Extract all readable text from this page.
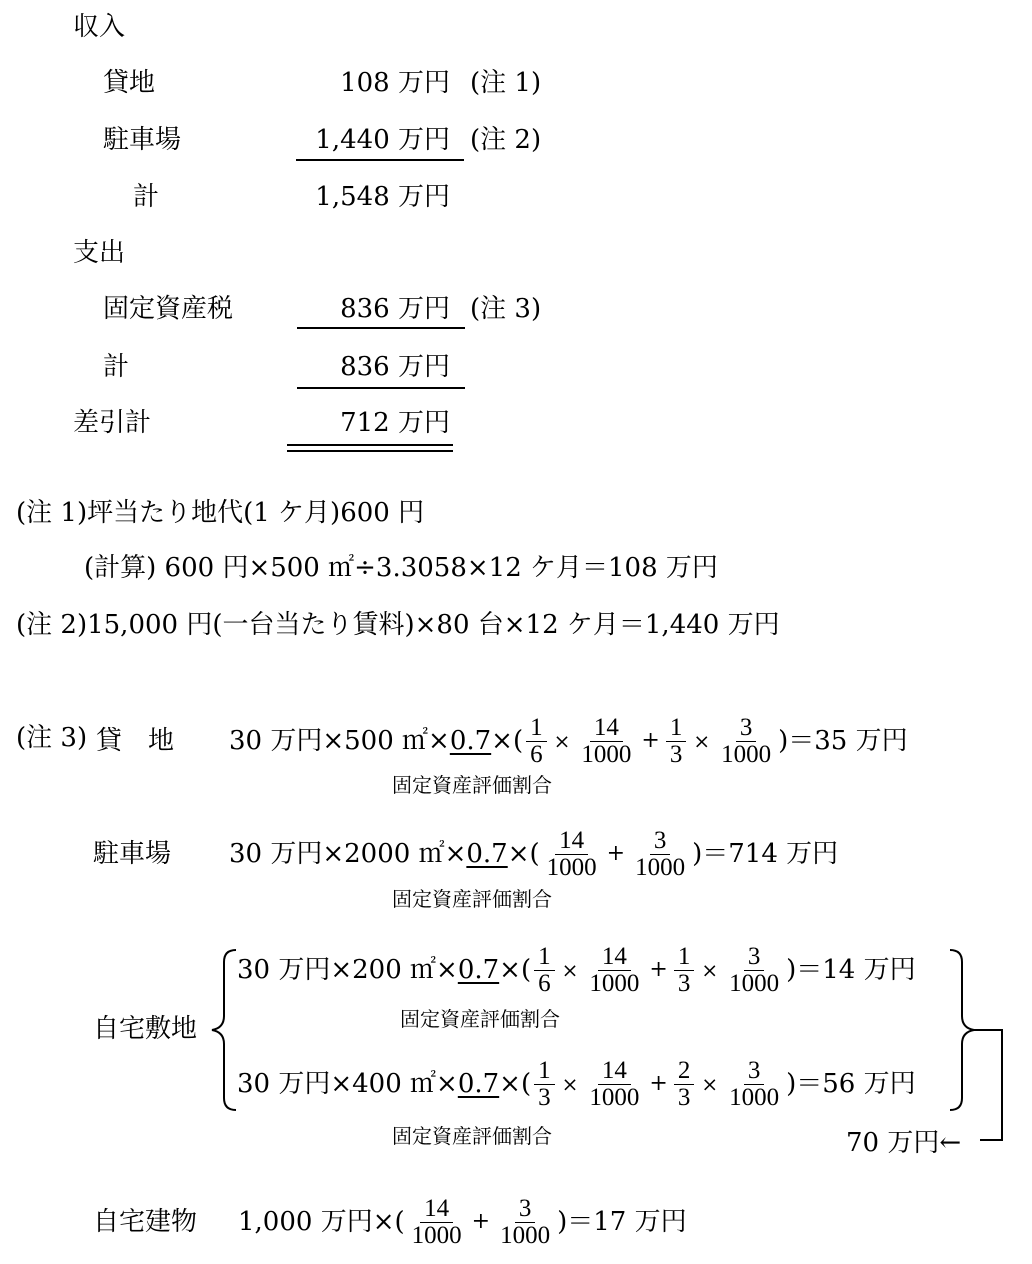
収入
貸地	108 万円 (注 1)
駐車場	1,440 万円 (注 2)
計	1,548 万円
支出
固定資産税	836 万円 (注 3)
計	836 万円
差引計	712 万円
(注 1)坪当たり地代(1 ケ月)600 円
(計算) 600 円×500 ㎡÷3.3058×12 ケ月＝108 万円
(注 2)15,000 円(一台当たり賃料)×80 台×12 ケ月＝1,440 万円
(注 3) 貸　地	30 万円×500 ㎡× 0.7 ×( $\frac{1}{6} \times \frac{14}{1000} + \frac{1}{3} \times \frac{3}{1000} )=35$ 万円
固定資産評価割合
駐車場	30 万円×2000 ㎡× 0.7 ×( $\frac{14}{1000} + \frac{3}{1000} )=714$ 万円
固定資産評価割合
自宅敷地
30 万円×200 ㎡× 0.7 ×( $\frac{1}{6} \times \frac{14}{1000} + \frac{1}{3} \times \frac{3}{1000} )=14$ 万円
固定資産評価割合
30 万円×400 ㎡× 0.7 ×( $\frac{1}{3} \times \frac{14}{1000} + \frac{2}{3} \times \frac{3}{1000} )=56$ 万円
固定資産評価割合	70 万円←
自宅建物	1,000 万円×( $\frac{14}{1000} + \frac{3}{1000} )=17$ 万円
